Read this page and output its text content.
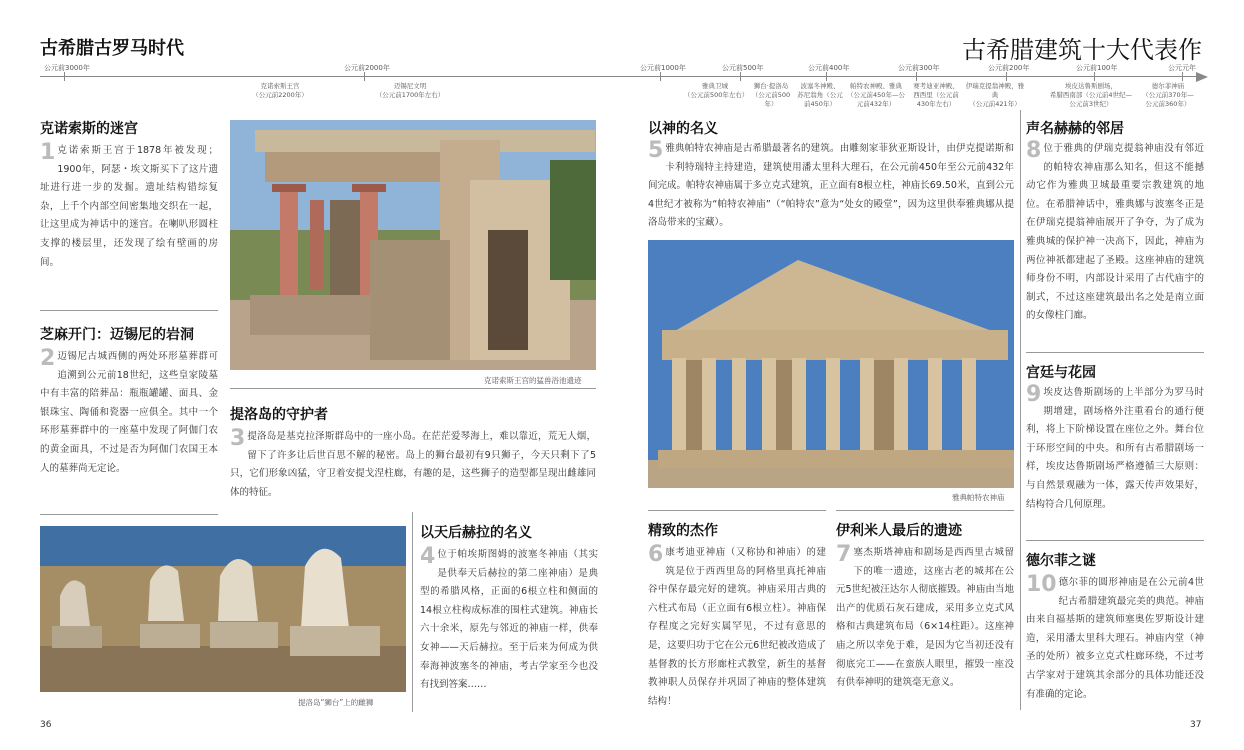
古希腊古罗马时代	古希腊建筑十大代表作
公元前3000年	公元前2000年	公元前1000年	公元前500年	公元前400年	公元前300年	公元前200年	公元前100年	公元元年
克诺索斯王宫
（公元前2200年）
迈锡尼文明
（公元前1700年左右）
雅典卫城
（公元前500年左右）
狮台·提洛岛
（公元前500年）
波塞冬神殿、
苏尼翁角（公元前450年）
帕特农神殿、雅典
（公元前450年—公元前432年）
赛考迪亚神殿、
西西里（公元前430年左右）
伊瑞克提翁神殿，雅典
（公元前421年）
埃皮达鲁斯剧场，
希腊西南部（公元前4世纪—公元前3世纪）
德尔菲神庙
（公元前370年—公元前360年）
克诺索斯的迷宫
1 克诺索斯王宫于1878年被发现；1900年，阿瑟・埃文斯买下了这片遗址进行进一步的发掘。遗址结构错综复杂，上千个内部空间密集地交织在一起，让这里成为神话中的迷宫。在喇叭形圆柱支撑的楼层里，还发现了绘有壁画的房间。
克诺索斯王宫的猛兽浴池遗迹
芝麻开门：迈锡尼的岩洞
2 迈锡尼古城西侧的两处环形墓葬群可追溯到公元前18世纪，这些皇家陵墓中有丰富的陪葬品：瓶瓶罐罐、面具、金银珠宝、陶俑和瓷器一应俱全。其中一个环形墓葬群中的一座墓中发现了阿伽门农的黄金面具，不过是否为阿伽门农国王本人的墓葬尚无定论。
提洛岛的守护者
3 提洛岛是基克拉泽斯群岛中的一座小岛。在茫茫爱琴海上，难以靠近，荒无人烟，留下了许多让后世百思不解的秘密。岛上的狮台最初有9只狮子，今天只剩下了5只，它们形象凶猛，守卫着安提戈涅柱廊，有趣的是，这些狮子的造型都呈现出雌雄同体的特征。
提洛岛“狮台”上的雌狮
以天后赫拉的名义
4 位于帕埃斯图姆的波塞冬神庙（其实是供奉天后赫拉的第二座神庙）是典型的希腊风格，正面的6根立柱和侧面的14根立柱构成标准的围柱式建筑。神庙长六十余米，原先与邻近的神庙一样，供奉女神——天后赫拉。至于后来为何成为供奉海神波塞冬的神庙，考古学家至今也没有找到答案……
以神的名义
5 雅典帕特农神庙是古希腊最著名的建筑。由雕刻家菲狄亚斯设计，由伊克提诺斯和卡利特瑞特主持建造，建筑使用潘太里科大理石，在公元前450年至公元前432年间完成。帕特农神庙属于多立克式建筑，正立面有8根立柱，神庙长69.50米，直到公元4世纪才被称为“帕特农神庙”（“帕特农”意为“处女的殿堂”，因为这里供奉雅典娜从提洛岛带来的宝藏）。
雅典帕特农神庙
精致的杰作
6 康考迪亚神庙（又称协和神庙）的建筑是位于西西里岛的阿格里真托神庙谷中保存最完好的建筑。神庙采用古典的六柱式布局（正立面有6根立柱）。神庙保存程度之完好实属罕见，不过有意思的是，这要归功于它在公元6世纪被改造成了基督教的长方形廊柱式教堂，新生的基督教神职人员保存并巩固了神庙的整体建筑结构！
伊利米人最后的遗迹
7 塞杰斯塔神庙和剧场是西西里古城留下的唯一遗迹，这座古老的城邦在公元5世纪被汪达尔人彻底摧毁。神庙由当地出产的优质石灰石建成，采用多立克式风格和古典建筑布局（6×14柱距）。这座神庙之所以幸免于难，是因为它当初还没有彻底完工——在蛮族人眼里，摧毁一座没有供奉神明的建筑毫无意义。
声名赫赫的邻居
8 位于雅典的伊瑞克提翁神庙没有邻近的帕特农神庙那么知名，但这不能撼动它作为雅典卫城最重要宗教建筑的地位。在希腊神话中，雅典娜与波塞冬正是在伊瑞克提翁神庙展开了争夺，为了成为雅典城的保护神一决高下，因此，神庙为两位神祇都建起了圣殿。这座神庙的建筑师身份不明，内部设计采用了古代庙宇的制式，不过这座建筑最出名之处是南立面的女像柱门廊。
宫廷与花园
9 埃皮达鲁斯剧场的上半部分为罗马时期增建，剧场格外注重看台的通行便利，将上下阶梯设置在座位之外。舞台位于环形空间的中央。和所有古希腊剧场一样，埃皮达鲁斯剧场严格遵循三大原则：与自然景观融为一体，露天传声效果好，结构符合几何原理。
德尔菲之谜
10 德尔菲的圆形神庙是在公元前4世纪古希腊建筑最完美的典范。神庙由来自福基斯的建筑师塞奥佐罗斯设计建造，采用潘太里科大理石。神庙内堂（神圣的处所）被多立克式柱廊环绕，不过考古学家对于建筑其余部分的具体功能还没有准确的定论。
36	37
